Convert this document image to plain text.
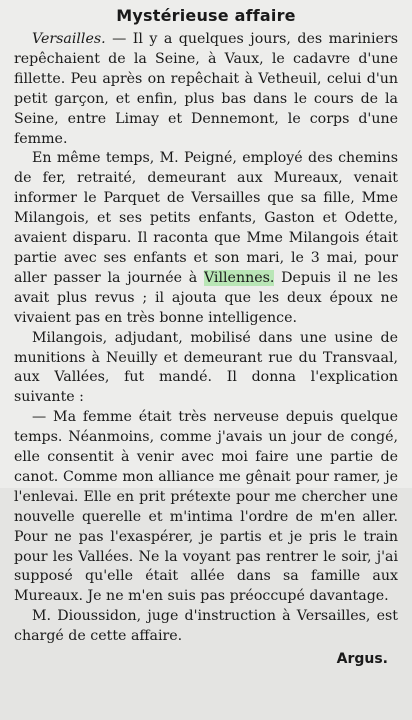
Mystérieuse affaire

Versailles. — Il y a quelques jours, des mariniers repêchaient de la Seine, à Vaux, le cadavre d'une fillette. Peu après on repêchait à Vetheuil, celui d'un petit garçon, et enfin, plus bas dans le cours de la Seine, entre Limay et Dennemont, le corps d'une femme.

En même temps, M. Peigné, employé des chemins de fer, retraité, demeurant aux Mureaux, venait informer le Parquet de Versailles que sa fille, Mme Milangois, et ses petits enfants, Gaston et Odette, avaient disparu. Il raconta que Mme Milangois était partie avec ses enfants et son mari, le 3 mai, pour aller passer la journée à Villennes. Depuis il ne les avait plus revus ; il ajouta que les deux époux ne vivaient pas en très bonne intelligence.

Milangois, adjudant, mobilisé dans une usine de munitions à Neuilly et demeurant rue du Transvaal, aux Vallées, fut mandé. Il donna l'explication suivante :

— Ma femme était très nerveuse depuis quelque temps. Néanmoins, comme j'avais un jour de congé, elle consentit à venir avec moi faire une partie de canot. Comme mon alliance me gênait pour ramer, je l'enlevai. Elle en prit prétexte pour me chercher une nouvelle querelle et m'intima l'ordre de m'en aller. Pour ne pas l'exaspérer, je partis et je pris le train pour les Vallées. Ne la voyant pas rentrer le soir, j'ai supposé qu'elle était allée dans sa famille aux Mureaux. Je ne m'en suis pas préoccupé davantage.

M. Dioussidon, juge d'instruction à Versailles, est chargé de cette affaire.

Argus.
